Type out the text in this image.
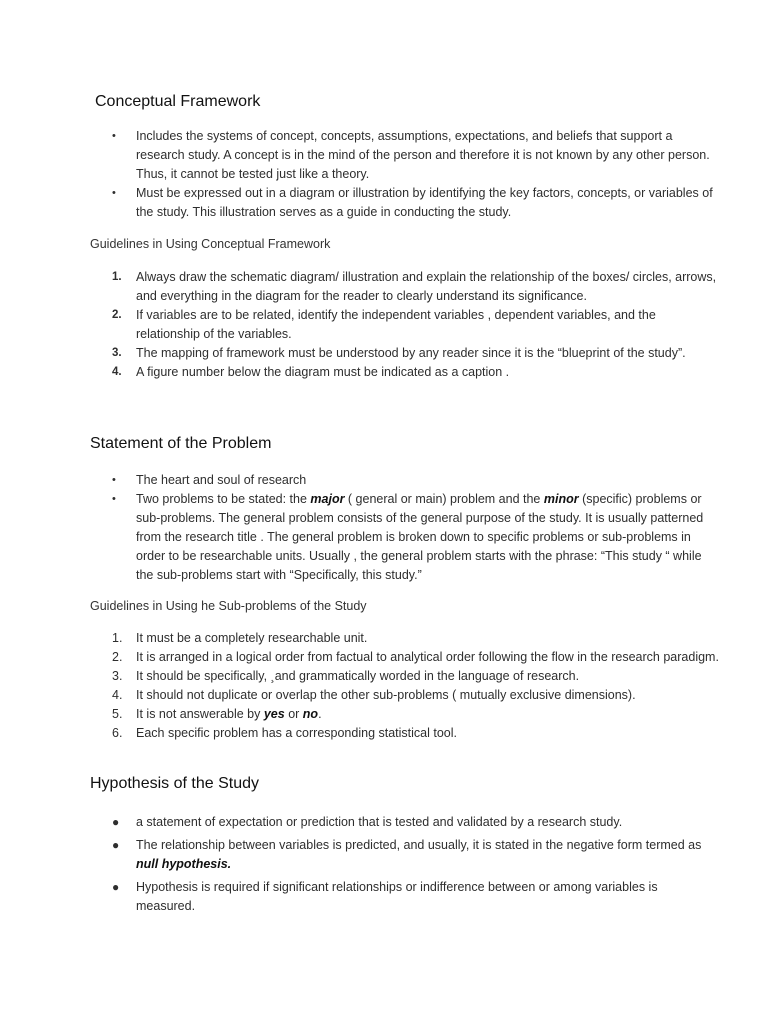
Conceptual Framework
•	Includes the systems of concept, concepts, assumptions, expectations, and beliefs that support a research study. A concept is in the mind of the person and therefore it is not known by any other person. Thus, it cannot be tested just like a theory.
•	Must be expressed out in a diagram or illustration by identifying the key factors, concepts, or variables of the study. This illustration serves as a guide in conducting the study.

Guidelines in Using Conceptual Framework

1.	Always draw the schematic diagram/ illustration and explain the relationship of the boxes/ circles, arrows, and everything in the diagram for the reader to clearly understand its significance.
2.	If variables are to be related, identify the independent variables , dependent variables, and the relationship of the variables.
3.	The mapping of framework must be understood by any reader since it is the “blueprint of the study”.
4.	A figure number below the diagram must be indicated as a caption .
Statement of the Problem
•	The heart and soul of research
•	Two problems to be stated: the major ( general or main) problem and the minor (specific) problems or sub-problems. The general problem consists of the general purpose of the study. It is usually patterned from the research title . The general problem is broken down to specific problems or sub-problems in order to be researchable units. Usually , the general problem starts with the phrase: “This study “ while the sub-problems start with “Specifically, this study.”

Guidelines in Using he Sub-problems of the Study

1.	It must be a completely researchable unit.
2.	It is arranged in a logical order from factual to analytical order following the flow in the research paradigm.
3.	It should be specifically, ¸and grammatically worded in the language of research.
4.	It should not duplicate or overlap the other sub-problems ( mutually exclusive dimensions).
5.	It is not answerable by yes or no.
6.	Each specific problem has a corresponding statistical tool.
Hypothesis of the Study
●	a statement of expectation or prediction that is tested and validated by a research study.
●	The relationship between variables is predicted, and usually, it is stated in the negative form termed as null hypothesis.
●	Hypothesis is required if significant relationships or indifference between or among variables is measured.
